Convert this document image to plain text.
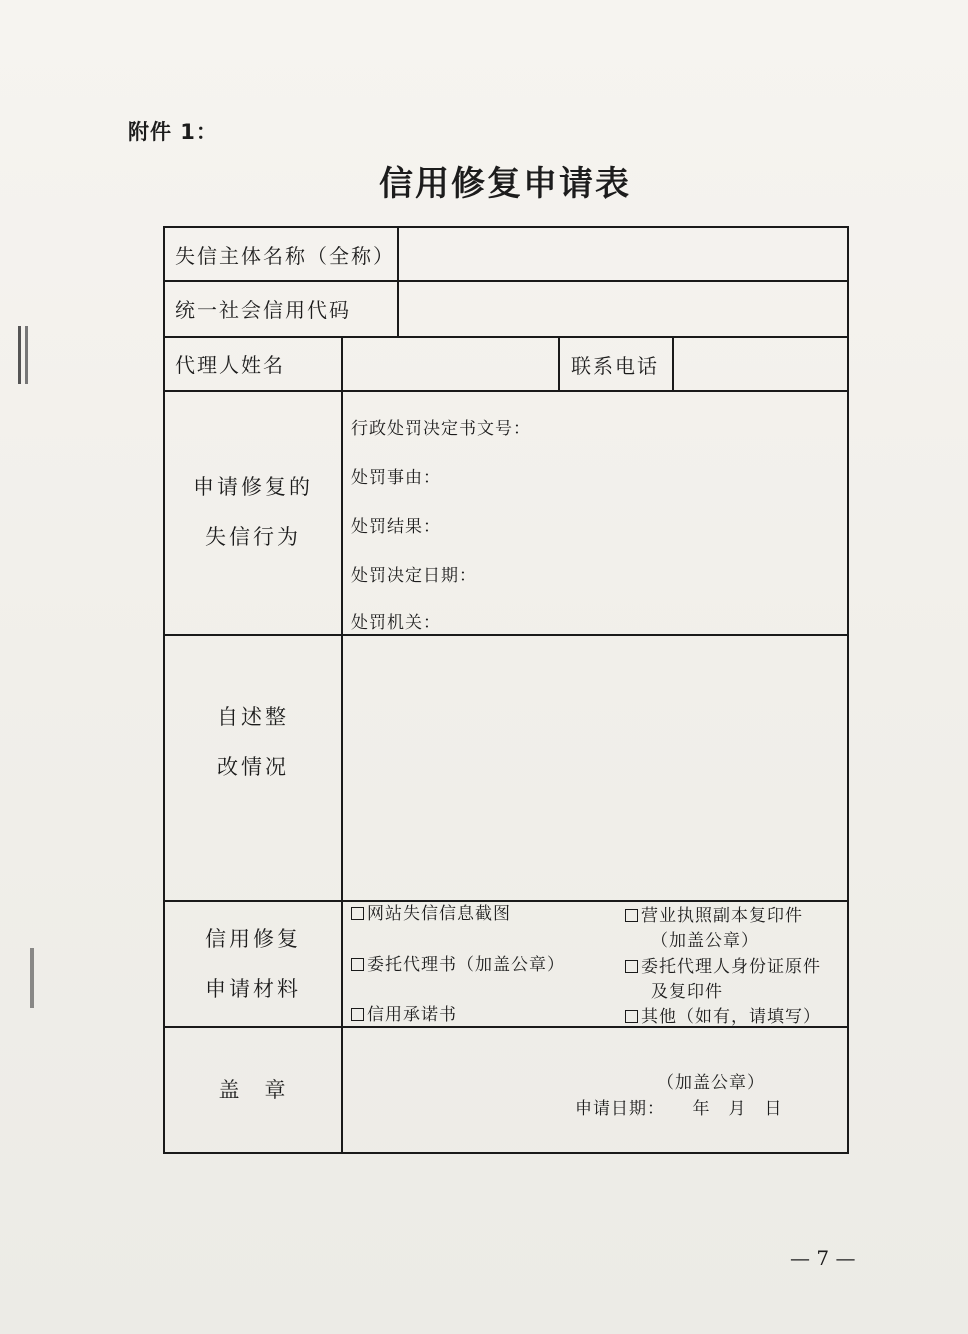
附件 1：
信用修复申请表
失信主体名称（全称）
统一社会信用代码
代理人姓名	联系电话
申请修复的
失信行为
行政处罚决定书文号：
处罚事由：
处罚结果：
处罚决定日期：
处罚机关：
自述整
改情况
信用修复
申请材料
网站失信信息截图
委托代理书（加盖公章）
信用承诺书
营业执照副本复印件
（加盖公章）
委托代理人身份证原件
及复印件
其他（如有，请填写）
盖　章	（加盖公章）
申请日期：　　年　月　日
— 7 —
